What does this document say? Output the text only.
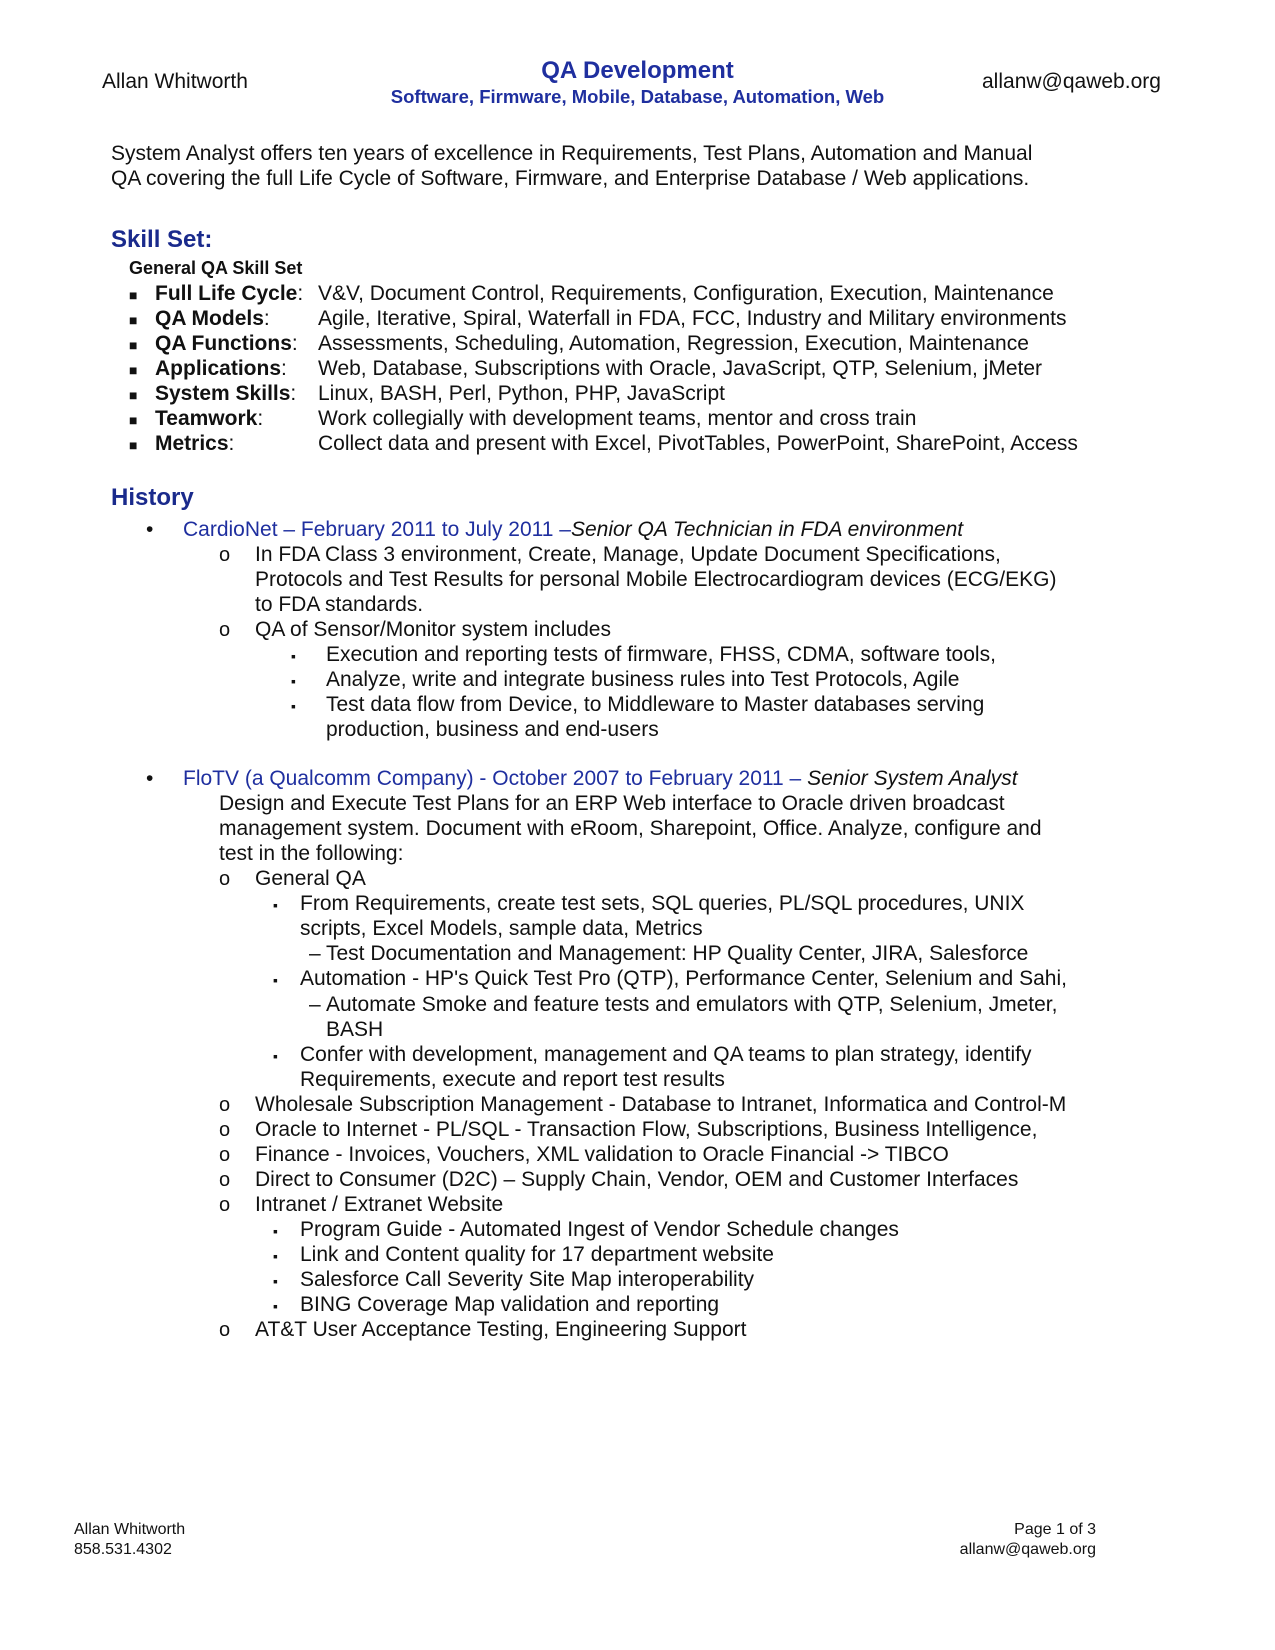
Allan Whitworth	QA Development
Software, Firmware, Mobile, Database, Automation, Web
allanw@qaweb.org
System Analyst offers ten years of excellence in Requirements, Test Plans, Automation and Manual
QA covering the full Life Cycle of Software, Firmware, and Enterprise Database / Web applications.
Skill Set:
General QA Skill Set
■ Full Life Cycle: V&V, Document Control, Requirements, Configuration, Execution, Maintenance
■ QA Models: Agile, Iterative, Spiral, Waterfall in FDA, FCC, Industry and Military environments
■ QA Functions: Assessments, Scheduling, Automation, Regression, Execution, Maintenance
■ Applications: Web, Database, Subscriptions with Oracle, JavaScript, QTP, Selenium, jMeter
■ System Skills: Linux, BASH, Perl, Python, PHP, JavaScript
■ Teamwork:	Work collegially with development teams, mentor and cross train
■ Metrics:	Collect data and present with Excel, PivotTables, PowerPoint, SharePoint, Access
History
• CardioNet – February 2011 to July 2011 –Senior QA Technician in FDA environment
o In FDA Class 3 environment, Create, Manage, Update Document Specifications,
Protocols and Test Results for personal Mobile Electrocardiogram devices (ECG/EKG)
to FDA standards.
o QA of Sensor/Monitor system includes
▪ Execution and reporting tests of firmware, FHSS, CDMA, software tools,
▪ Analyze, write and integrate business rules into Test Protocols, Agile
▪ Test data flow from Device, to Middleware to Master databases serving
production, business and end-users
• FloTV (a Qualcomm Company) - October 2007 to February 2011 – Senior System Analyst
Design and Execute Test Plans for an ERP Web interface to Oracle driven broadcast
management system. Document with eRoom, Sharepoint, Office. Analyze, configure and
test in the following:
o General QA
▪ From Requirements, create test sets, SQL queries, PL/SQL procedures, UNIX
scripts, Excel Models, sample data, Metrics
– Test Documentation and Management: HP Quality Center, JIRA, Salesforce
▪ Automation - HP's Quick Test Pro (QTP), Performance Center, Selenium and Sahi,
– Automate Smoke and feature tests and emulators with QTP, Selenium, Jmeter,
BASH
▪ Confer with development, management and QA teams to plan strategy, identify
Requirements, execute and report test results
o Wholesale Subscription Management - Database to Intranet, Informatica and Control-M
o Oracle to Internet - PL/SQL - Transaction Flow, Subscriptions, Business Intelligence,
o Finance - Invoices, Vouchers, XML validation to Oracle Financial -> TIBCO
o Direct to Consumer (D2C) – Supply Chain, Vendor, OEM and Customer Interfaces
o Intranet / Extranet Website
▪ Program Guide - Automated Ingest of Vendor Schedule changes
▪ Link and Content quality for 17 department website
▪ Salesforce Call Severity Site Map interoperability
▪ BING Coverage Map validation and reporting
o AT&T User Acceptance Testing, Engineering Support
Allan Whitworth
858.531.4302
Page 1 of 3
allanw@qaweb.org
